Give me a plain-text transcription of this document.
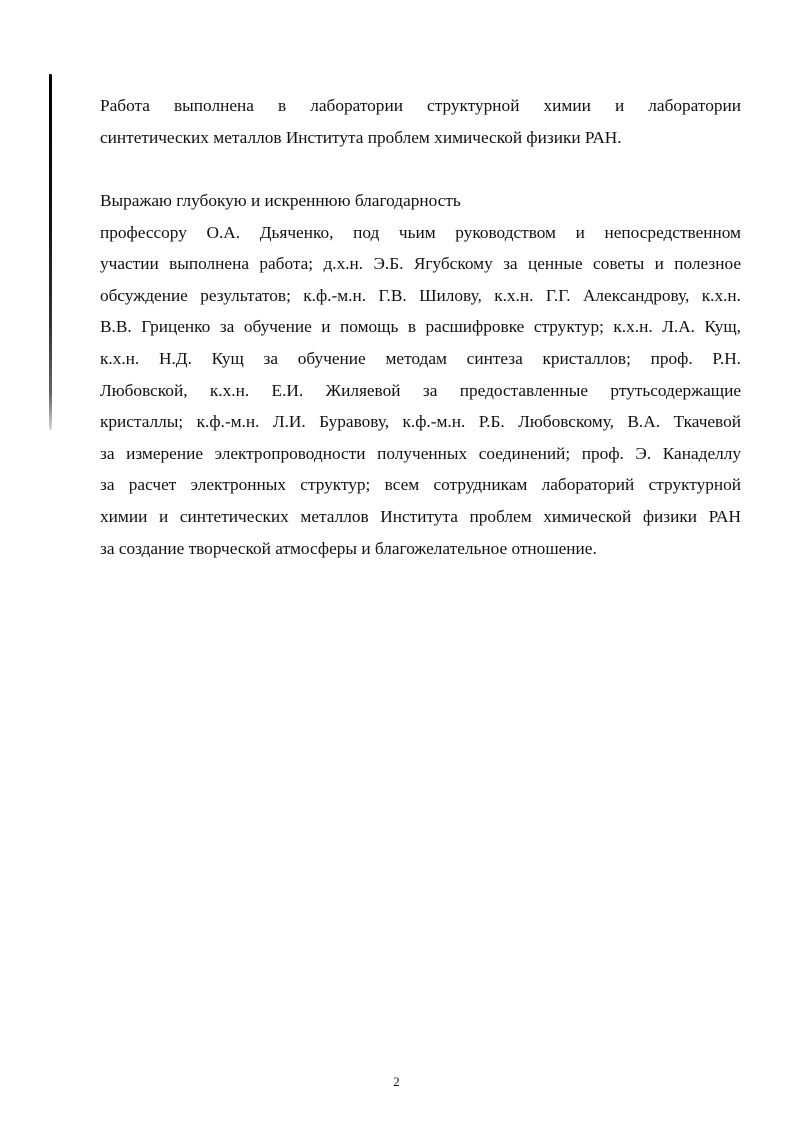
Работа выполнена в лаборатории структурной химии и лаборатории
синтетических металлов Института проблем химической физики РАН.
Выражаю глубокую и искреннюю благодарность
профессору О.А. Дьяченко, под чьим руководством и непосредственном
участии выполнена работа; д.х.н. Э.Б. Ягубскому за ценные советы и полезное
обсуждение результатов; к.ф.-м.н. Г.В. Шилову, к.х.н. Г.Г. Александрову, к.х.н.
В.В. Гриценко за обучение и помощь в расшифровке структур; к.х.н. Л.А. Кущ,
к.х.н. Н.Д. Кущ за обучение методам синтеза кристаллов; проф. Р.Н.
Любовской, к.х.н. Е.И. Жиляевой за предоставленные ртутьсодержащие
кристаллы; к.ф.-м.н. Л.И. Буравову, к.ф.-м.н. Р.Б. Любовскому, В.А. Ткачевой
за измерение электропроводности полученных соединений; проф. Э. Канаделлу
за расчет электронных структур; всем сотрудникам лабораторий структурной
химии и синтетических металлов Института проблем химической физики РАН
за создание творческой атмосферы и благожелательное отношение.
2
